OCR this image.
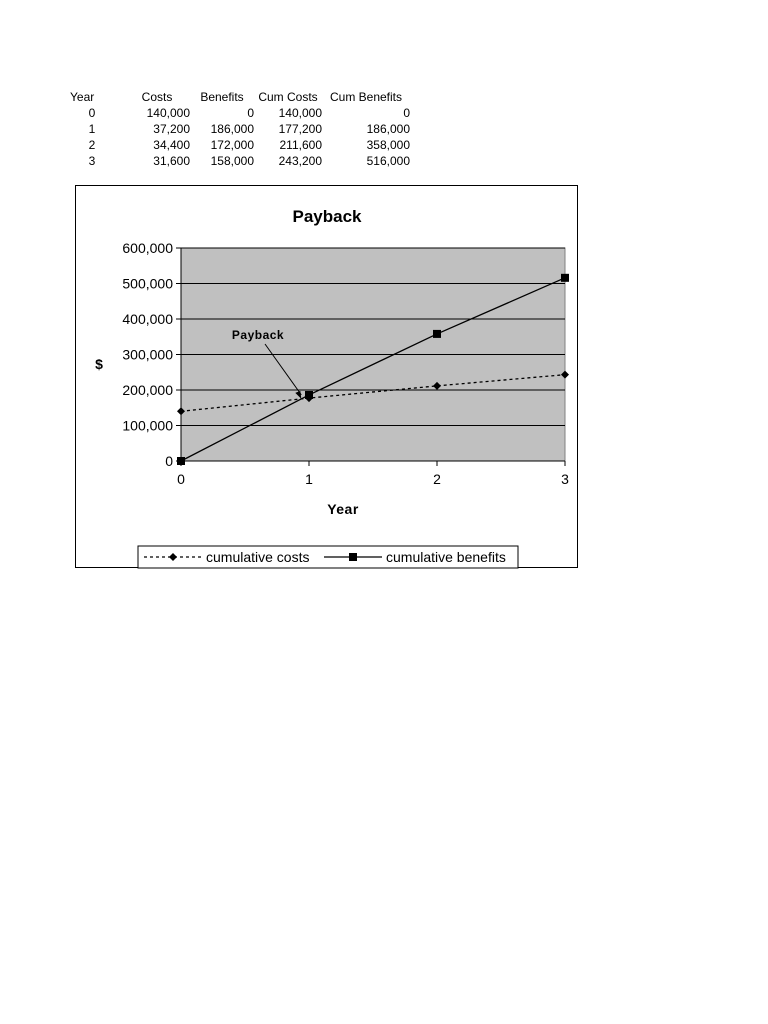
Year	Costs	Benefits	Cum Costs	Cum Benefits
0	140,000	0	140,000	0
1	37,200	186,000	177,200	186,000
2	34,400	172,000	211,600	358,000
3	31,600	158,000	243,200	516,000
Payback
0
100,000
200,000
300,000
400,000
500,000
600,000
0	1	2	3
$
Year
Payback
cumulative costs	cumulative benefits
